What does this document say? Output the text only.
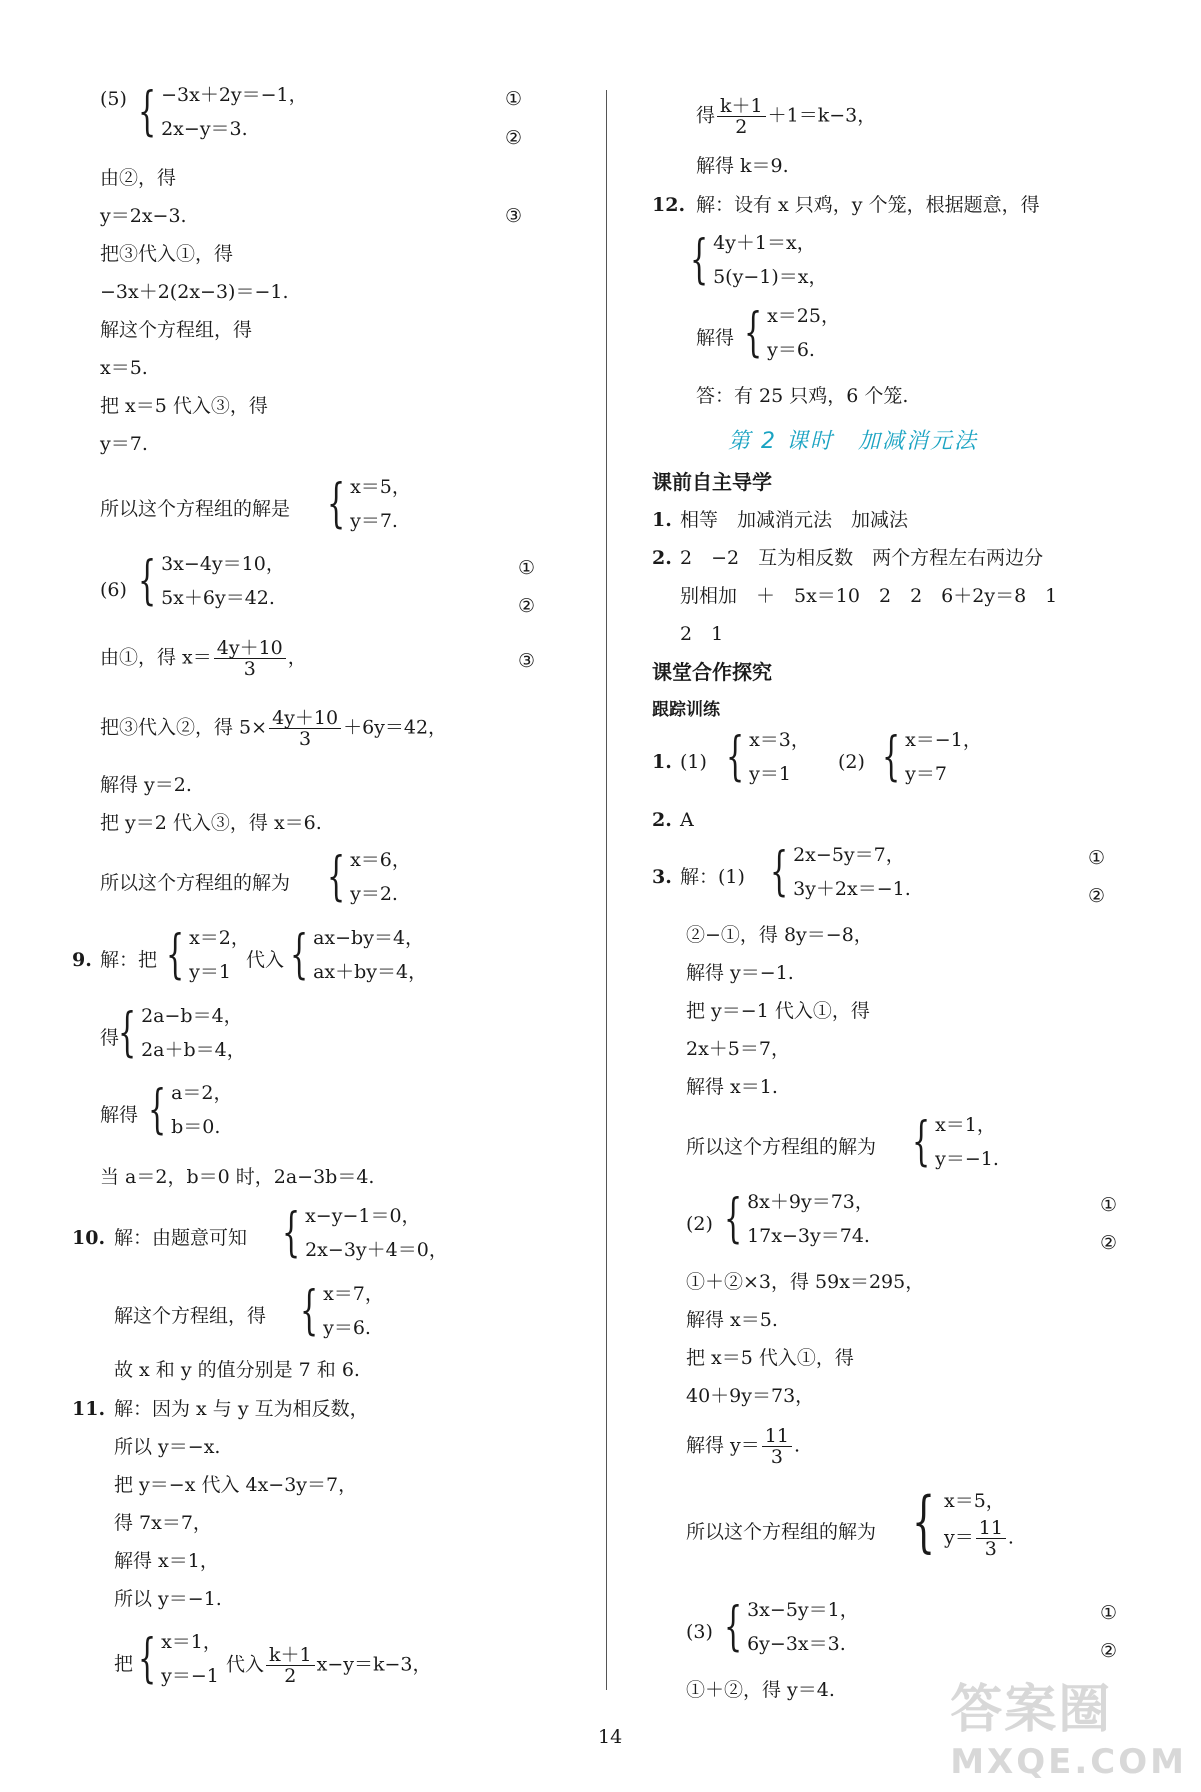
(5) { −3x＋2y＝−1，
2x−y＝3.
①
②
由②，得
y＝2x−3.	③
把③代入①，得
−3x＋2(2x−3)＝−1.
解这个方程组，得
x＝5.
把 x＝5 代入③，得
y＝7.
所以这个方程组的解是 { x＝5，
y＝7.
(6) { 3x−4y＝10，
5x＋6y＝42.
①
②
由①，得 $x= \frac{4y+10}{3}$ ，	③
把③代入②，得 $5\times \frac{4y+10}{3} +6y=42$，
解得 y＝2.
把 y＝2 代入③，得 x＝6.
所以这个方程组的解为 { x＝6，
y＝2.
9. 解：把 { x＝2，
y＝1
代入 { ax−by＝4，
ax＋by＝4，
得
{ 2a−b＝4，
2a＋b＝4，
解得 { a＝2，
b＝0.
当 a＝2，b＝0 时，2a−3b＝4.
10. 解：由题意可知 { x−y−1＝0，
2x−3y＋4＝0，
解这个方程组，得 { x＝7，
y＝6.
故 x 和 y 的值分别是 7 和 6.
11. 解：因为 x 与 y 互为相反数，
所以 y＝−x.
把 y＝−x 代入 4x−3y＝7，
得 7x＝7，
解得 x＝1，
所以 y＝−1.
把 { x＝1，
y＝−1
代入 $\frac{k+1}{2} x-y=k-3$，
得 $\frac{k+1}{2} +1=k-3$，
解得 k＝9.
12. 解：设有 x 只鸡，y 个笼，根据题意，得
{ 4y＋1＝x，
5(y−1)＝x，
解得 { x＝25，
y＝6.
答：有 25 只鸡，6 个笼.
第 2 课时　加减消元法
课前自主导学
1. 相等　加减消元法　加减法
2. 2　−2　互为相反数　两个方程左右两边分
别相加　＋　5x＝10　2　2　6＋2y＝8　1
2　1
课堂合作探究
跟踪训练
1. (1) { x＝3，
y＝1
(2) { x＝−1，
y＝7
2. A
3. 解：(1) { 2x−5y＝7，
3y＋2x＝−1.
①
②
②−①，得 8y＝−8，
解得 y＝−1.
把 y＝−1 代入①，得
2x＋5＝7，
解得 x＝1.
所以这个方程组的解为 { x＝1，
y＝−1.
(2) { 8x＋9y＝73，
17x−3y＝74.
①
②
①＋②×3，得 59x＝295，
解得 x＝5.
把 x＝5 代入①，得
40＋9y＝73，
解得 $y= \frac{11}{3}$ .
所以这个方程组的解为 { x＝5，
$y= \frac{11}{3}$ .
(3) { 3x−5y＝1，
6y−3x＝3.
①
②
①＋②，得 y＝4.
14	答案圈
MXQE.COM
